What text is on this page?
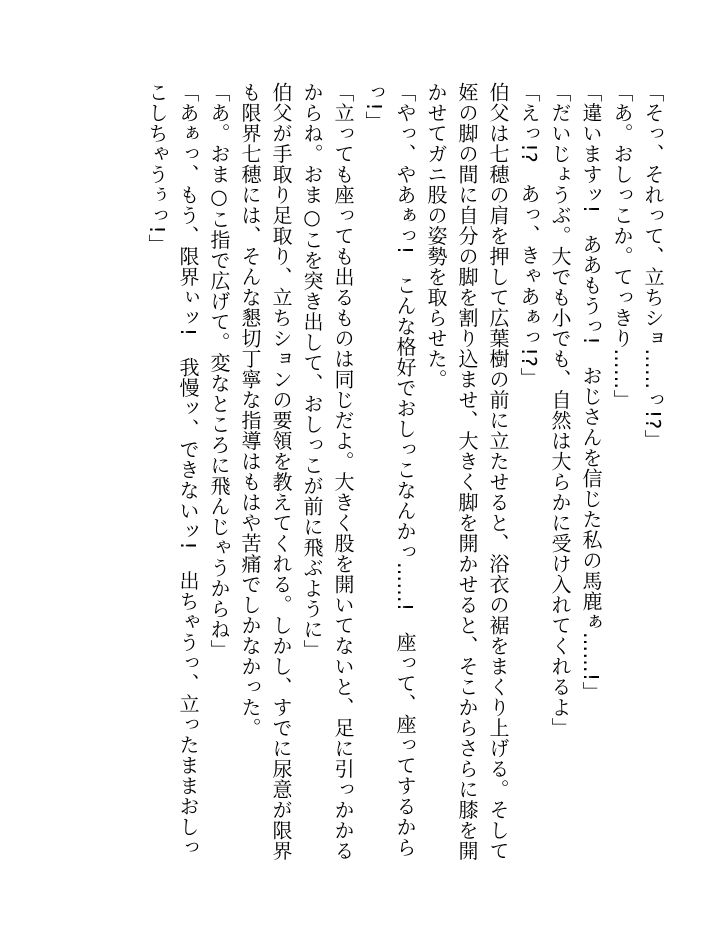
「そっ、それって、立ちショ……っ!?」

「あ。おしっこか。てっきり……」

「違いますッ!　ああもうっ!　おじさんを信じた私の馬鹿ぁ……!」

「だいじょうぶ。大でも小でも、自然は大らかに受け入れてくれるよ」

「えっ!?　あっ、きゃあぁっ!?」

伯父は七穂の肩を押して広葉樹の前に立たせると、浴衣の裾をまくり上げる。そして姪の脚の間に自分の脚を割り込ませ、大きく脚を開かせると、そこからさらに膝を開かせてガニ股の姿勢を取らせた。

「やっ、やあぁっ!　こんな格好でおしっこなんかっ……!　座って、座ってするからっ!」

「立っても座っても出るものは同じだよ。大きく股を開いてないと、足に引っかかるからね。おま○こを突き出して、おしっこが前に飛ぶように」

伯父が手取り足取り、立ちションの要領を教えてくれる。しかし、すでに尿意が限界も限界七穂には、そんな懇切丁寧な指導はもはや苦痛でしかなかった。

「あ。おま○こ指で広げて。変なところに飛んじゃうからね」

「あぁっ、もう、限界ぃッ!　我慢ッ、できないッ!　出ちゃうっ、立ったままおしっこしちゃうぅっ!」
